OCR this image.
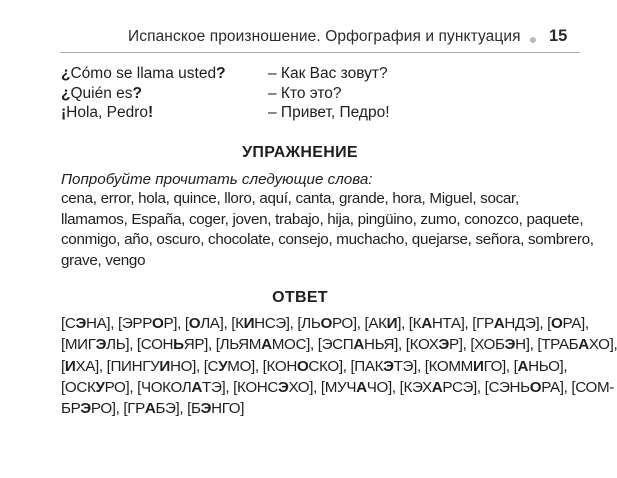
Испанское произношение. Орфография и пунктуация 15
¿Cómo se llama usted?	– Как Вас зовут?
¿Quién es?	– Кто это?
¡Hola, Pedro!	– Привет, Педро!
УПРАЖНЕНИЕ
Попробуйте прочитать следующие слова:
cena, error, hola, quince, lloro, aquí, canta, grande, hora, Miguel, socar,
llamamos, España, coger, joven, trabajo, hija, pingüino, zumo, conozco, paquete,
conmigo, año, oscuro, chocolate, consejo, muchacho, quejarse, señora, sombrero,
grave, vengo
ОТВЕТ
[СЭНА], [ЭРРОР], [ОЛА], [КИНСЭ], [ЛЬОРО], [АКИ], [КАНТА], [ГРАНДЭ], [ОРА],
[МИГЭЛЬ], [СОНЬЯР], [ЛЬЯМАМОС], [ЭСПАНЬЯ], [КОХЭР], [ХОБЭН], [ТРАБАХО],
[ИХА], [ПИНГУИНО], [СУМО], [КОНОСКО], [ПАКЭТЭ], [КОММИГО], [АНЬО],
[ОСКУРО], [ЧОКОЛАТЭ], [КОНСЭХО], [МУЧАЧО], [КЭХАРСЭ], [СЭНЬОРА], [СОМ-
БРЭРО], [ГРАБЭ], [БЭНГО]
